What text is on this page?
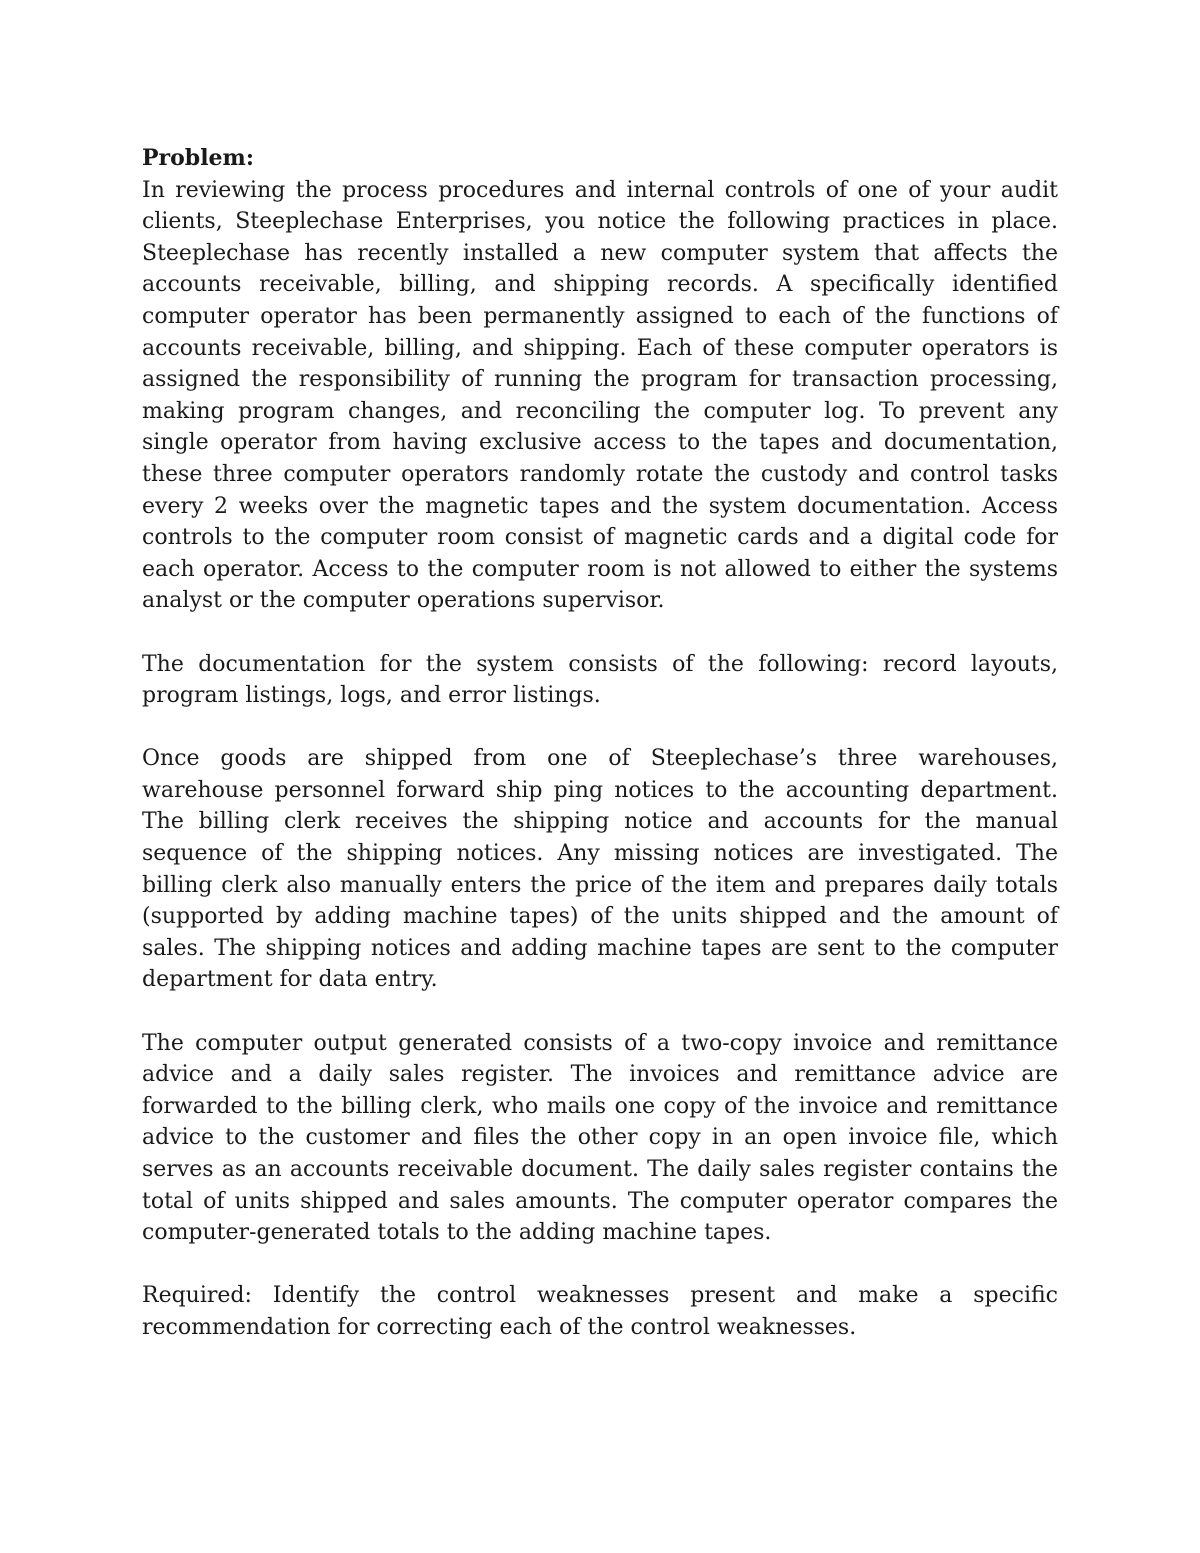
Problem:
In reviewing the process procedures and internal controls of one of your audit clients, Steeplechase Enterprises, you notice the following practices in place. Steeplechase has recently installed a new computer system that affects the accounts receivable, billing, and shipping records. A specifically identified computer operator has been permanently assigned to each of the functions of accounts receivable, billing, and shipping. Each of these computer operators is assigned the responsibility of running the program for transaction processing, making program changes, and reconciling the computer log. To prevent any single operator from having exclusive access to the tapes and documentation, these three computer operators randomly rotate the custody and control tasks every 2 weeks over the magnetic tapes and the system documentation. Access controls to the computer room consist of magnetic cards and a digital code for each operator. Access to the computer room is not allowed to either the systems analyst or the computer operations supervisor.

The documentation for the system consists of the following: record layouts, program listings, logs, and error listings.

Once goods are shipped from one of Steeplechase’s three warehouses, warehouse personnel forward ship ping notices to the accounting department. The billing clerk receives the shipping notice and accounts for the manual sequence of the shipping notices. Any missing notices are investigated. The billing clerk also manually enters the price of the item and prepares daily totals (supported by adding machine tapes) of the units shipped and the amount of sales. The shipping notices and adding machine tapes are sent to the computer department for data entry.

The computer output generated consists of a two-copy invoice and remittance advice and a daily sales register. The invoices and remittance advice are forwarded to the billing clerk, who mails one copy of the invoice and remittance advice to the customer and files the other copy in an open invoice file, which serves as an accounts receivable document. The daily sales register contains the total of units shipped and sales amounts. The computer operator compares the computer-generated totals to the adding machine tapes.

Required: Identify the control weaknesses present and make a specific recommendation for correcting each of the control weaknesses.
